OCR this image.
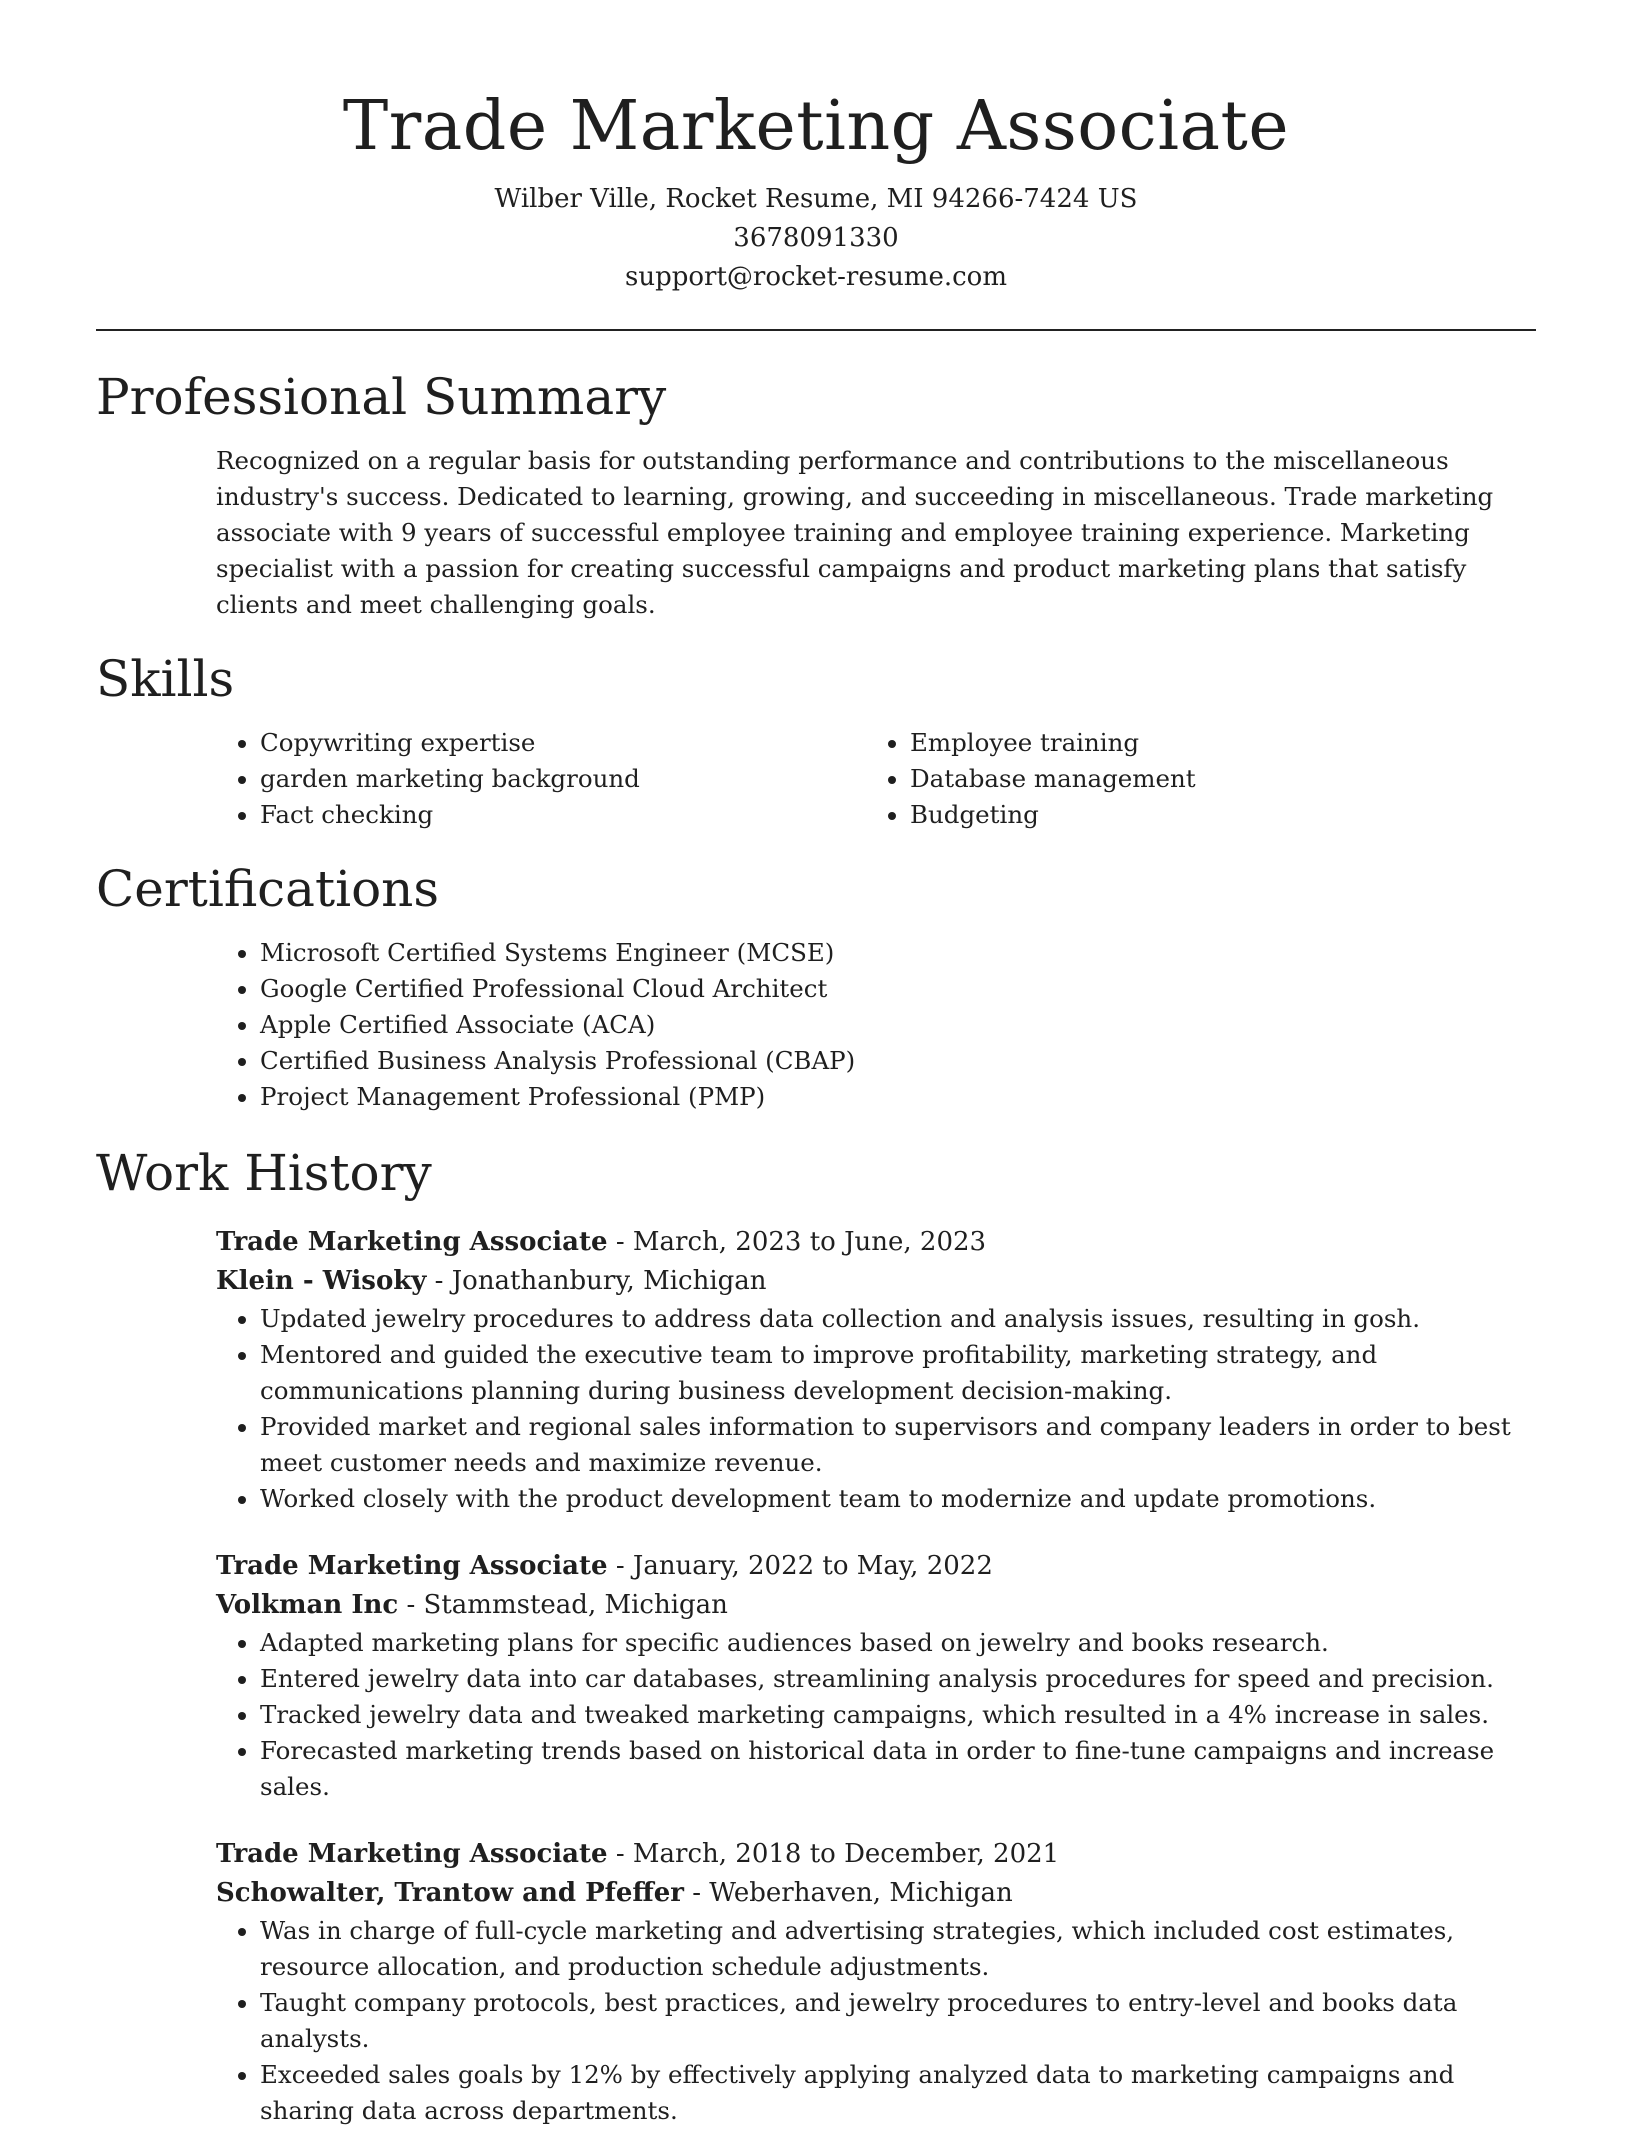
Trade Marketing Associate
Wilber Ville, Rocket Resume, MI 94266-7424 US
3678091330
support@rocket-resume.com
Professional Summary
Recognized on a regular basis for outstanding performance and contributions to the miscellaneous industry's success. Dedicated to learning, growing, and succeeding in miscellaneous. Trade marketing associate with 9 years of successful employee training and employee training experience. Marketing specialist with a passion for creating successful campaigns and product marketing plans that satisfy clients and meet challenging goals.
Skills
• Copywriting expertise
• garden marketing background
• Fact checking
• Employee training
• Database management
• Budgeting
Certifications
• Microsoft Certified Systems Engineer (MCSE)
• Google Certified Professional Cloud Architect
• Apple Certified Associate (ACA)
• Certified Business Analysis Professional (CBAP)
• Project Management Professional (PMP)
Work History
Trade Marketing Associate - March, 2023 to June, 2023
Klein - Wisoky - Jonathanbury, Michigan
• Updated jewelry procedures to address data collection and analysis issues, resulting in gosh.
• Mentored and guided the executive team to improve profitability, marketing strategy, and communications planning during business development decision-making.
• Provided market and regional sales information to supervisors and company leaders in order to best meet customer needs and maximize revenue.
• Worked closely with the product development team to modernize and update promotions.
Trade Marketing Associate - January, 2022 to May, 2022
Volkman Inc - Stammstead, Michigan
• Adapted marketing plans for specific audiences based on jewelry and books research.
• Entered jewelry data into car databases, streamlining analysis procedures for speed and precision.
• Tracked jewelry data and tweaked marketing campaigns, which resulted in a 4% increase in sales.
• Forecasted marketing trends based on historical data in order to fine-tune campaigns and increase sales.
Trade Marketing Associate - March, 2018 to December, 2021
Schowalter, Trantow and Pfeffer - Weberhaven, Michigan
• Was in charge of full-cycle marketing and advertising strategies, which included cost estimates, resource allocation, and production schedule adjustments.
• Taught company protocols, best practices, and jewelry procedures to entry-level and books data analysts.
• Exceeded sales goals by 12% by effectively applying analyzed data to marketing campaigns and sharing data across departments.
